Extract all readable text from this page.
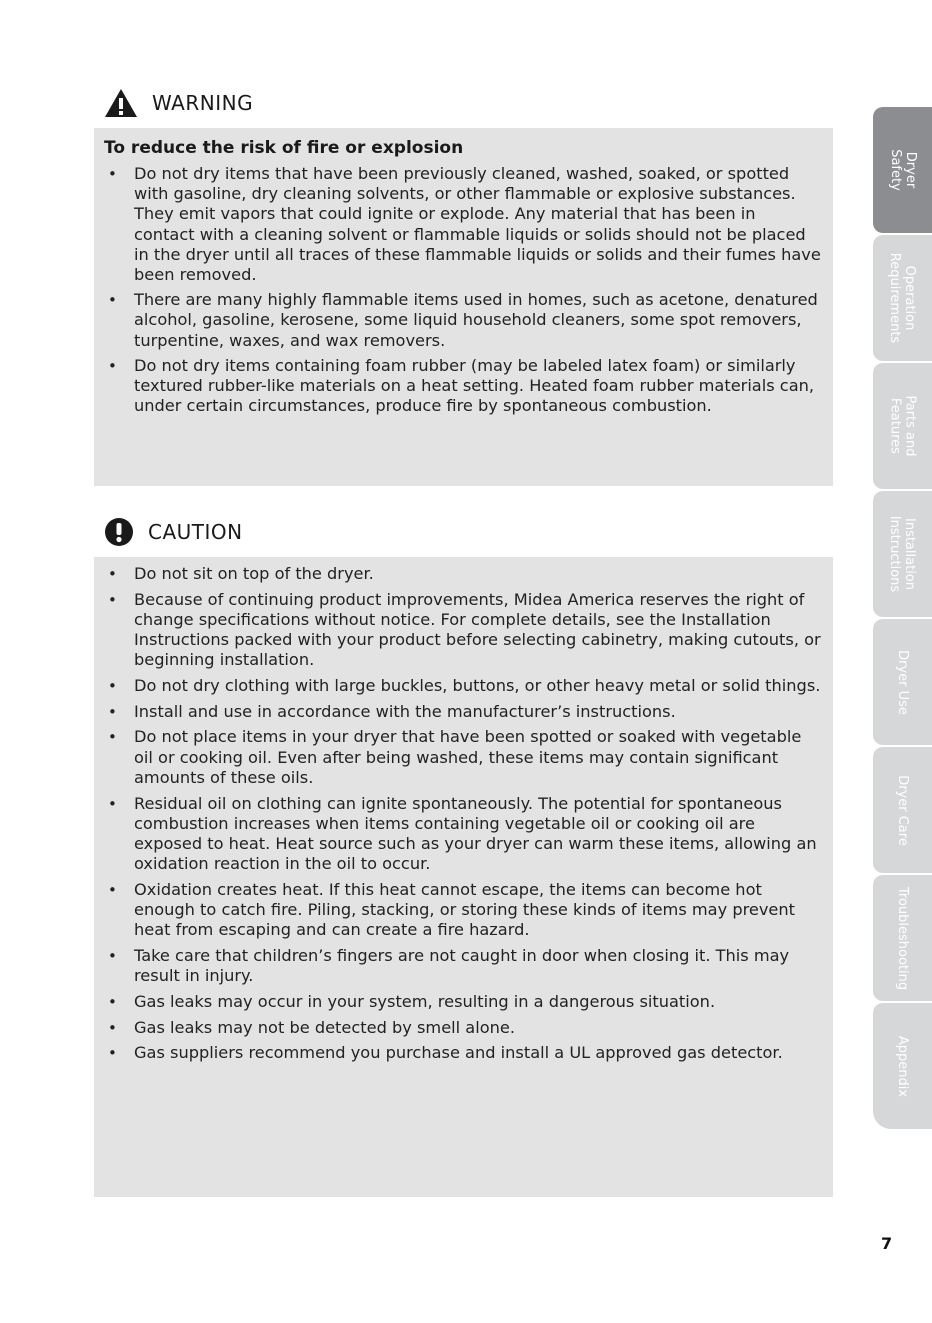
WARNING
To reduce the risk of fire or explosion
• Do not dry items that have been previously cleaned, washed, soaked, or spotted with gasoline, dry cleaning solvents, or other flammable or explosive substances. They emit vapors that could ignite or explode. Any material that has been in contact with a cleaning solvent or flammable liquids or solids should not be placed in the dryer until all traces of these flammable liquids or solids and their fumes have been removed.
• There are many highly flammable items used in homes, such as acetone, denatured alcohol, gasoline, kerosene, some liquid household cleaners, some spot removers, turpentine, waxes, and wax removers.
• Do not dry items containing foam rubber (may be labeled latex foam) or similarly textured rubber-like materials on a heat setting. Heated foam rubber materials can, under certain circumstances, produce fire by spontaneous combustion.
CAUTION
• Do not sit on top of the dryer.
• Because of continuing product improvements, Midea America reserves the right of change specifications without notice. For complete details, see the Installation Instructions packed with your product before selecting cabinetry, making cutouts, or beginning installation.
• Do not dry clothing with large buckles, buttons, or other heavy metal or solid things.
• Install and use in accordance with the manufacturer’s instructions.
• Do not place items in your dryer that have been spotted or soaked with vegetable oil or cooking oil. Even after being washed, these items may contain significant amounts of these oils.
• Residual oil on clothing can ignite spontaneously. The potential for spontaneous combustion increases when items containing vegetable oil or cooking oil are exposed to heat. Heat source such as your dryer can warm these items, allowing an oxidation reaction in the oil to occur.
• Oxidation creates heat. If this heat cannot escape, the items can become hot enough to catch fire. Piling, stacking, or storing these kinds of items may prevent heat from escaping and can create a fire hazard.
• Take care that children’s fingers are not caught in door when closing it. This may result in injury.
• Gas leaks may occur in your system, resulting in a dangerous situation.
• Gas leaks may not be detected by smell alone.
• Gas suppliers recommend you purchase and install a UL approved gas detector.
Dryer
Safety
Operation
Requirements
Parts and
Features
Installation
Instructions
Dryer Use
Dryer Care
Troubleshooting
Appendix
7
